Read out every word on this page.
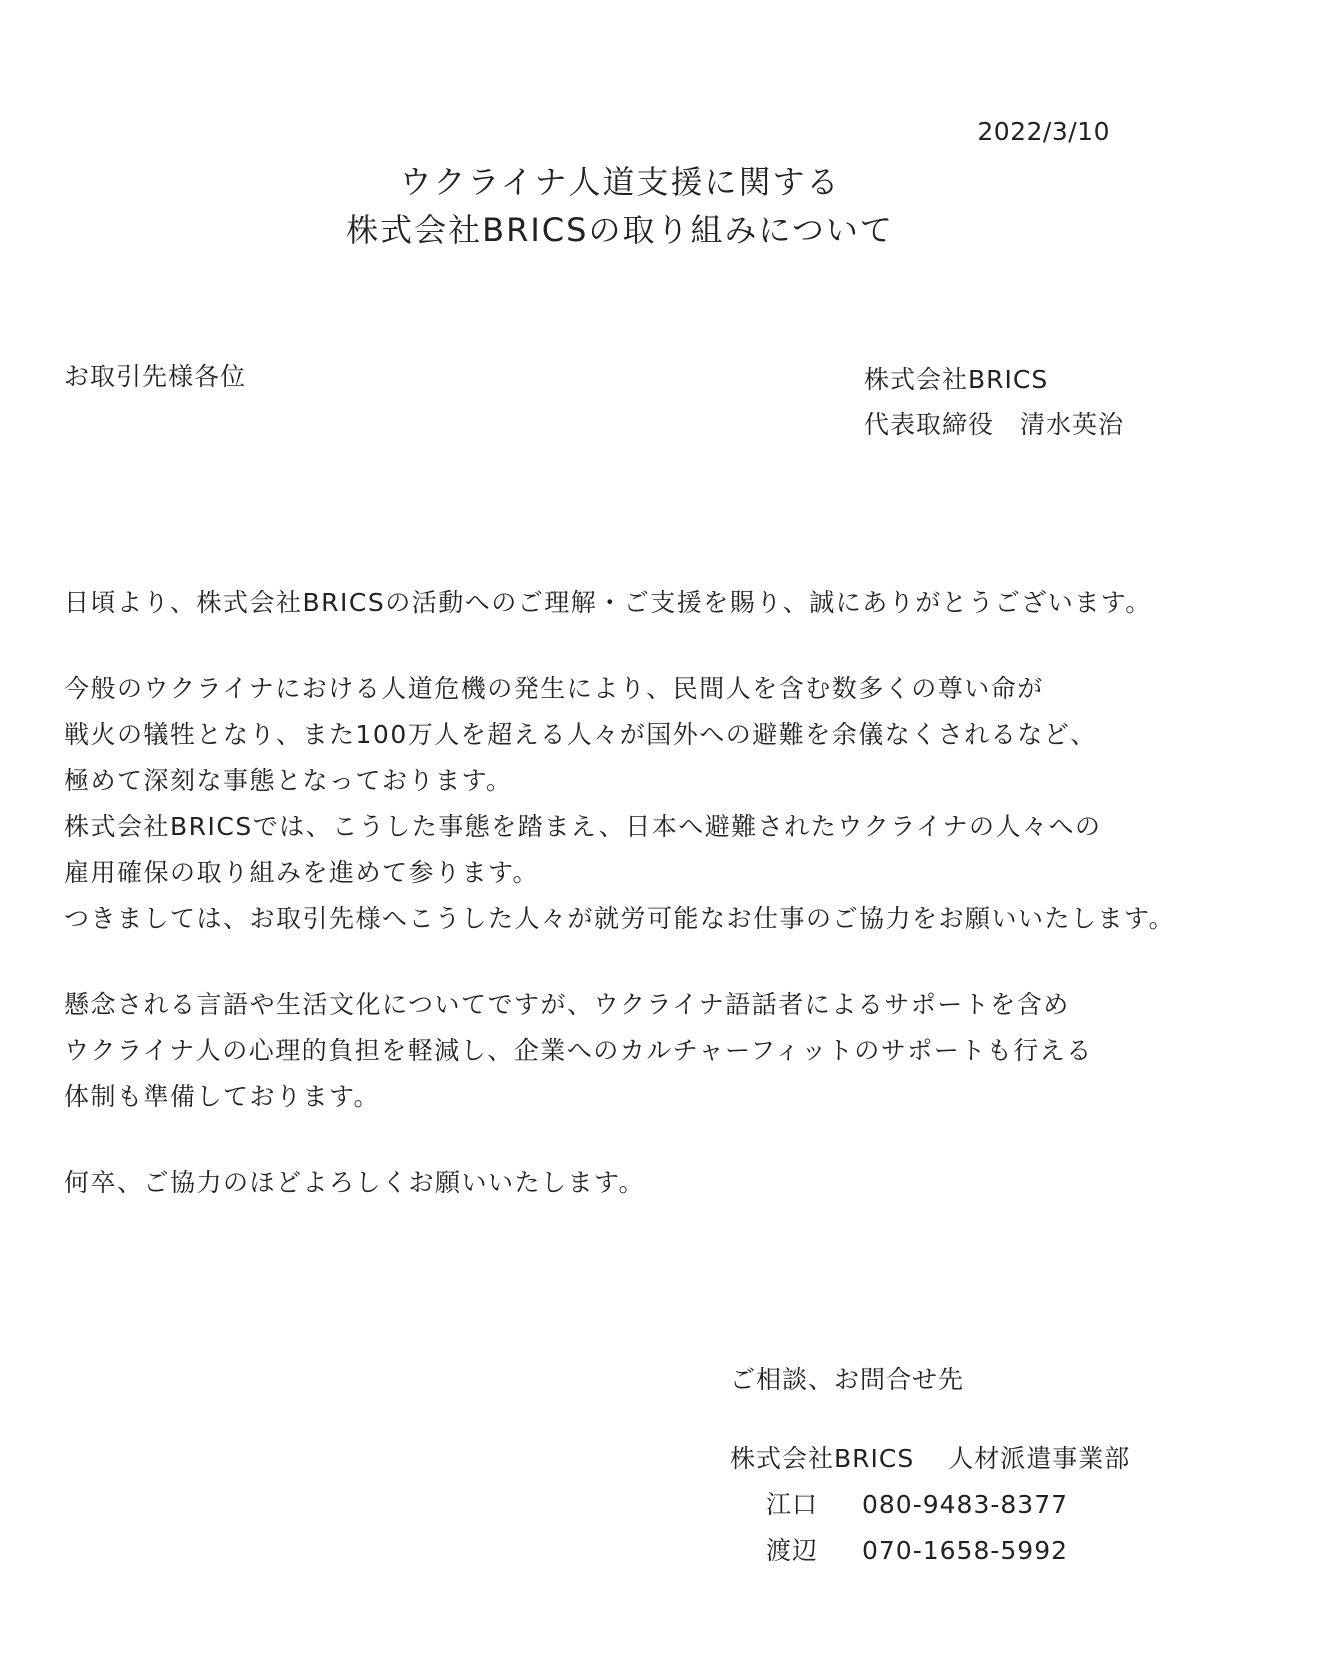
2022/3/10
ウクライナ人道支援に関する
株式会社BRICSの取り組みについて
お取引先様各位	株式会社BRICS
代表取締役　清水英治
日頃より、株式会社BRICSの活動へのご理解・ご支援を賜り、誠にありがとうございます。
今般のウクライナにおける人道危機の発生により、民間人を含む数多くの尊い命が
戦火の犠牲となり、また100万人を超える人々が国外への避難を余儀なくされるなど、
極めて深刻な事態となっております。
株式会社BRICSでは、こうした事態を踏まえ、日本へ避難されたウクライナの人々への
雇用確保の取り組みを進めて参ります。
つきましては、お取引先様へこうした人々が就労可能なお仕事のご協力をお願いいたします。
懸念される言語や生活文化についてですが、ウクライナ語話者によるサポートを含め
ウクライナ人の心理的負担を軽減し、企業へのカルチャーフィットのサポートも行える
体制も準備しております。
何卒、ご協力のほどよろしくお願いいたします。
ご相談、お問合せ先
株式会社BRICS 人材派遣事業部
江口 080-9483-8377
渡辺 070-1658-5992
